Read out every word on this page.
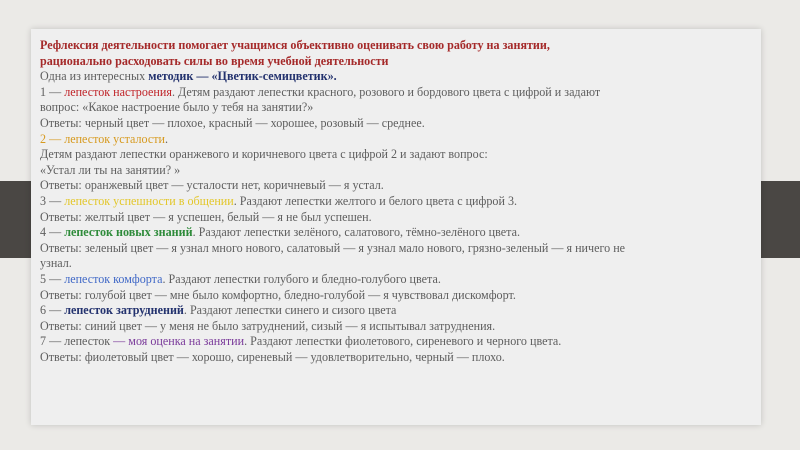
Рефлексия деятельности помогает учащимся объективно оценивать свою работу на занятии,
рационально расходовать силы во время учебной деятельности
Одна из интересных методик — «Цветик-семицветик».
1 — лепесток настроения. Детям раздают лепестки красного, розового и бордового цвета с цифрой и задают
вопрос: «Какое настроение было у тебя на занятии?»
Ответы: черный цвет — плохое, красный — хорошее, розовый — среднее.
2 — лепесток усталости.
Детям раздают лепестки оранжевого и коричневого цвета с цифрой 2 и задают вопрос:
«Устал ли ты на занятии? »
Ответы: оранжевый цвет — усталости нет, коричневый — я устал.
3 — лепесток успешности в общении. Раздают лепестки желтого и белого цвета с цифрой 3.
Ответы: желтый цвет — я успешен, белый — я не был успешен.
4 — лепесток новых знаний. Раздают лепестки зелёного, салатового, тёмно-зелёного цвета.
Ответы: зеленый цвет — я узнал много нового, салатовый — я узнал мало нового, грязно-зеленый — я ничего не
узнал.
5 — лепесток комфорта. Раздают лепестки голубого и бледно-голубого цвета.
Ответы: голубой цвет — мне было комфортно, бледно-голубой — я чувствовал дискомфорт.
6 — лепесток затруднений. Раздают лепестки синего и сизого цвета
Ответы: синий цвет — у меня не было затруднений, сизый — я испытывал затруднения.
7 — лепесток — моя оценка на занятии. Раздают лепестки фиолетового, сиреневого и черного цвета.
Ответы: фиолетовый цвет — хорошо, сиреневый — удовлетворительно, черный — плохо.
